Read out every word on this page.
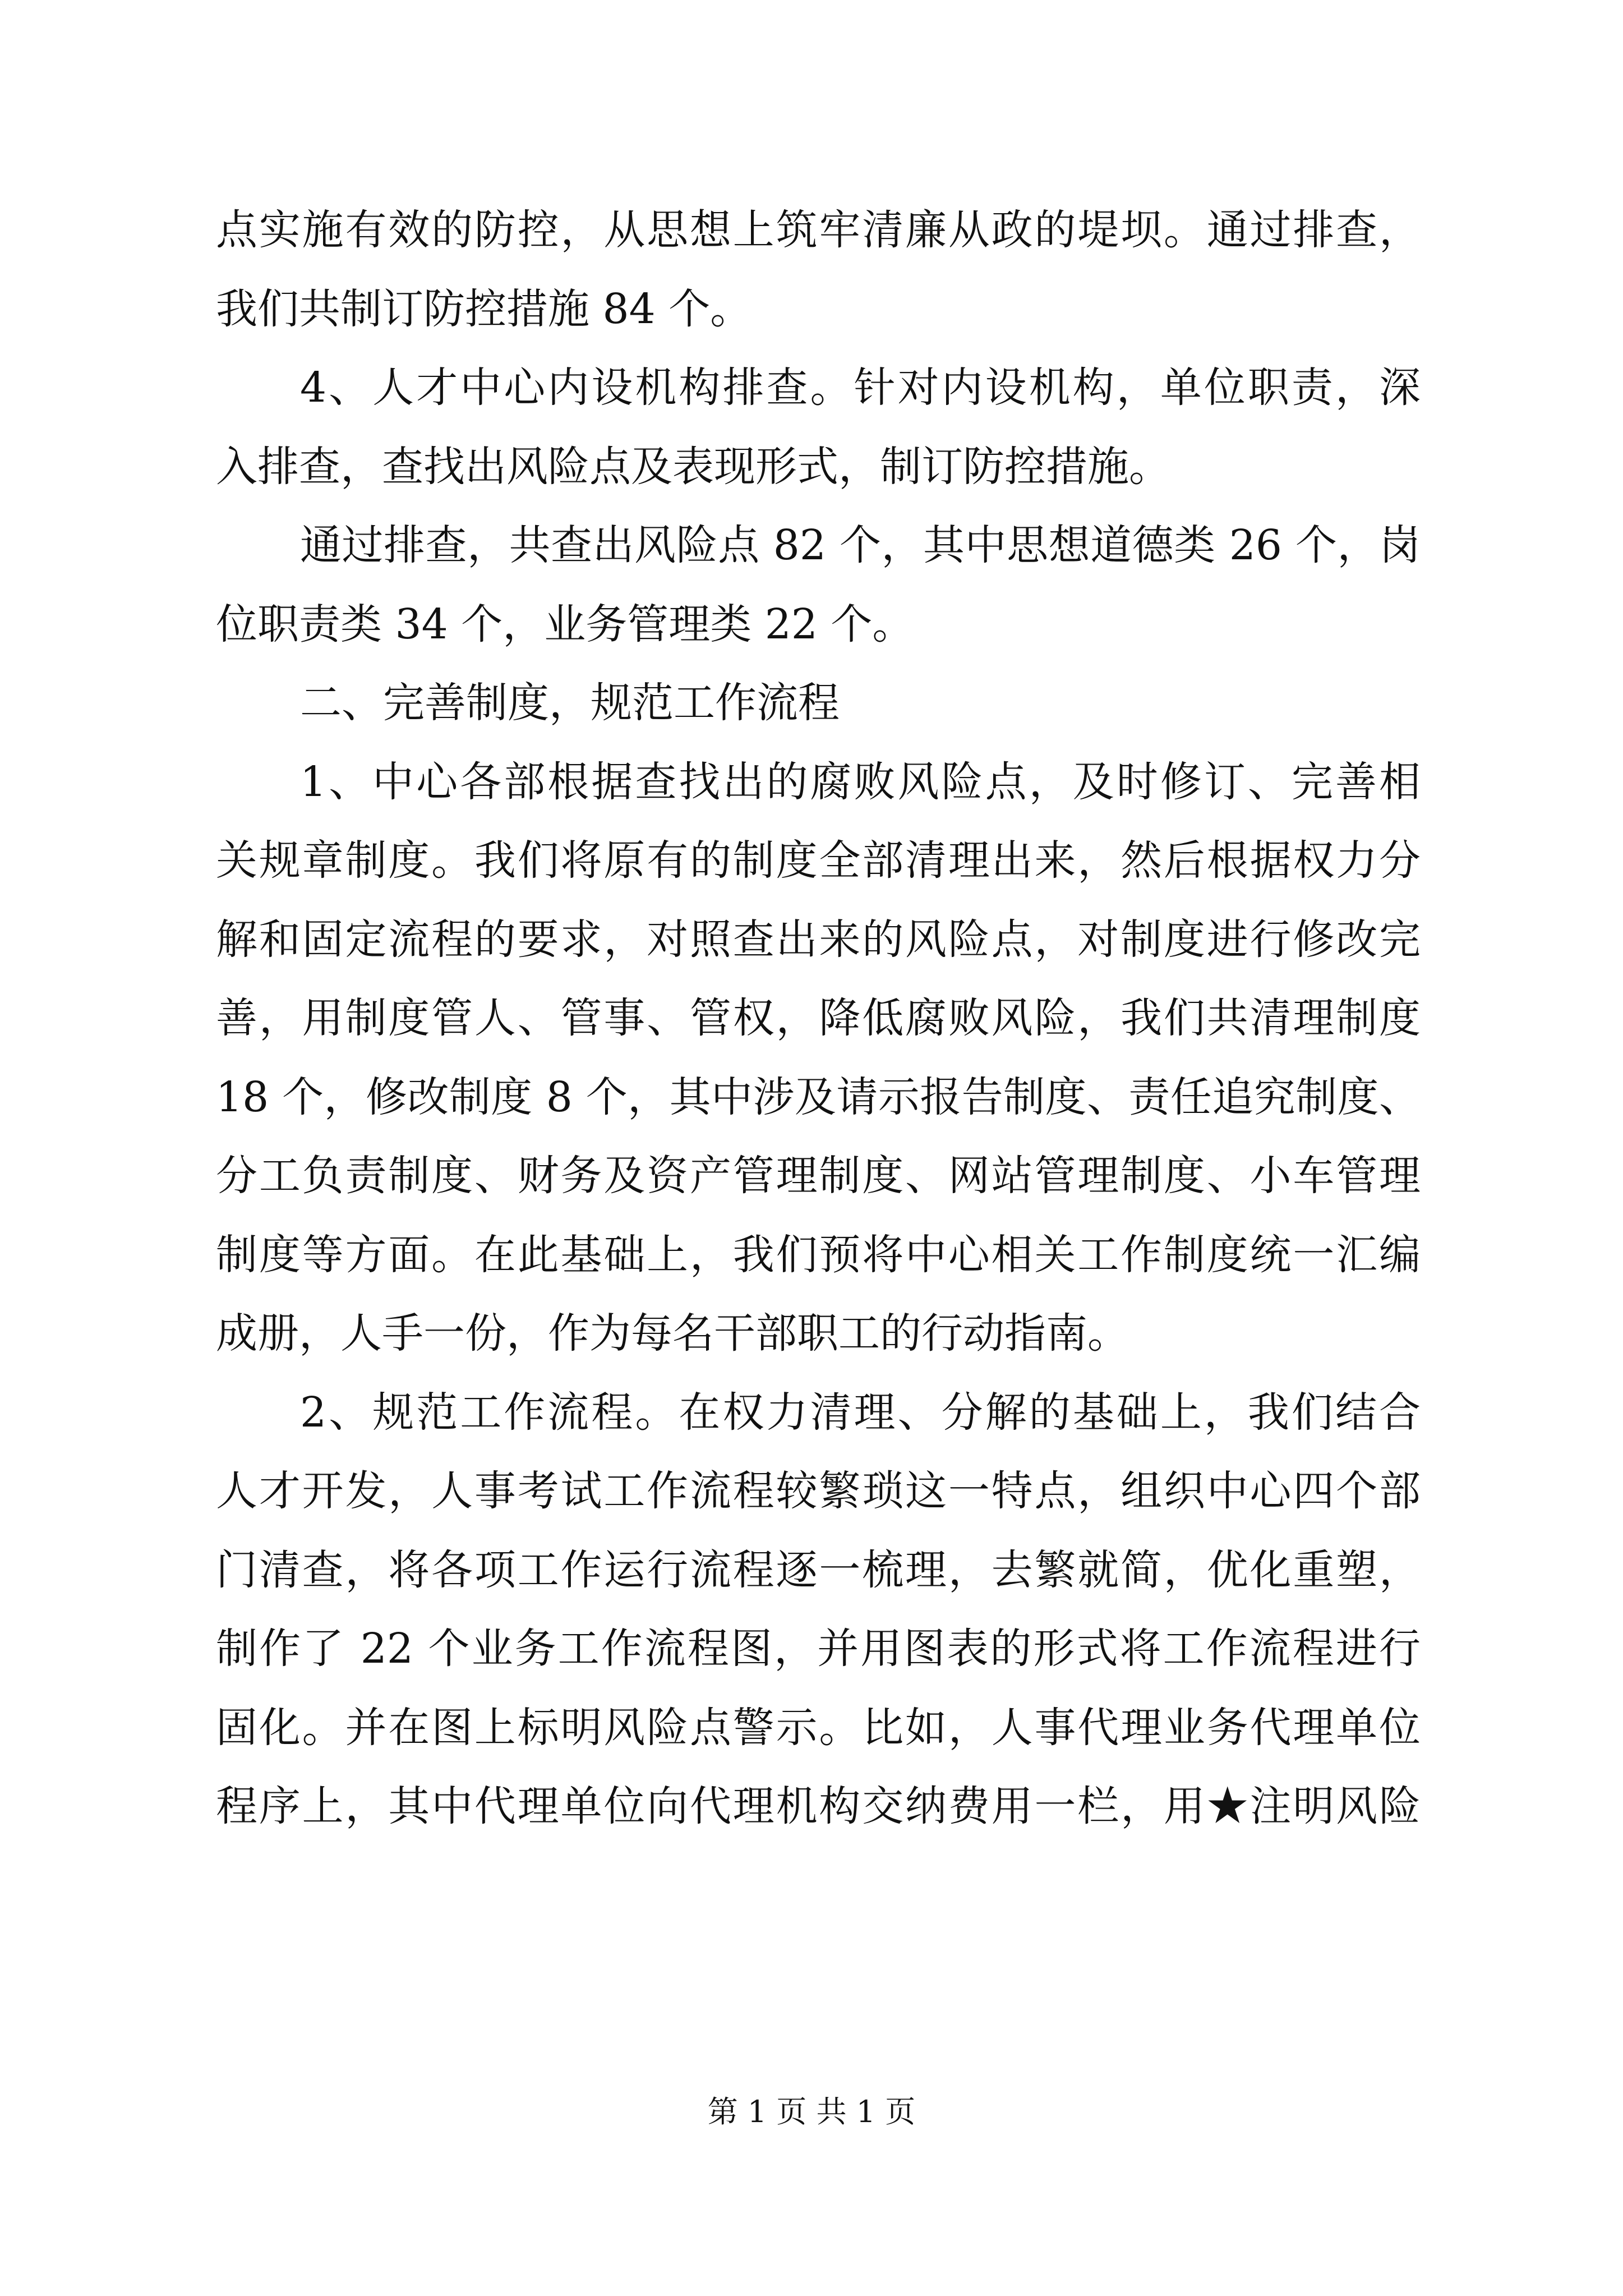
点实施有效的防控，从思想上筑牢清廉从政的堤坝。通过排查，
我们共制订防控措施 84 个。
4、人才中心内设机构排查。针对内设机构，单位职责，深
入排查，查找出风险点及表现形式，制订防控措施。
通过排查，共查出风险点 82 个，其中思想道德类 26 个，岗
位职责类 34 个，业务管理类 22 个。
二、完善制度，规范工作流程
1、中心各部根据查找出的腐败风险点，及时修订、完善相
关规章制度。我们将原有的制度全部清理出来，然后根据权力分
解和固定流程的要求，对照查出来的风险点，对制度进行修改完
善，用制度管人、管事、管权，降低腐败风险，我们共清理制度
18 个，修改制度 8 个，其中涉及请示报告制度、责任追究制度、
分工负责制度、财务及资产管理制度、网站管理制度、小车管理
制度等方面。在此基础上，我们预将中心相关工作制度统一汇编
成册，人手一份，作为每名干部职工的行动指南。
2、规范工作流程。在权力清理、分解的基础上，我们结合
人才开发，人事考试工作流程较繁琐这一特点，组织中心四个部
门清查，将各项工作运行流程逐一梳理，去繁就简，优化重塑，
制作了 22 个业务工作流程图，并用图表的形式将工作流程进行
固化。并在图上标明风险点警示。比如，人事代理业务代理单位
程序上，其中代理单位向代理机构交纳费用一栏，用★注明风险
第 1 页 共 1 页
